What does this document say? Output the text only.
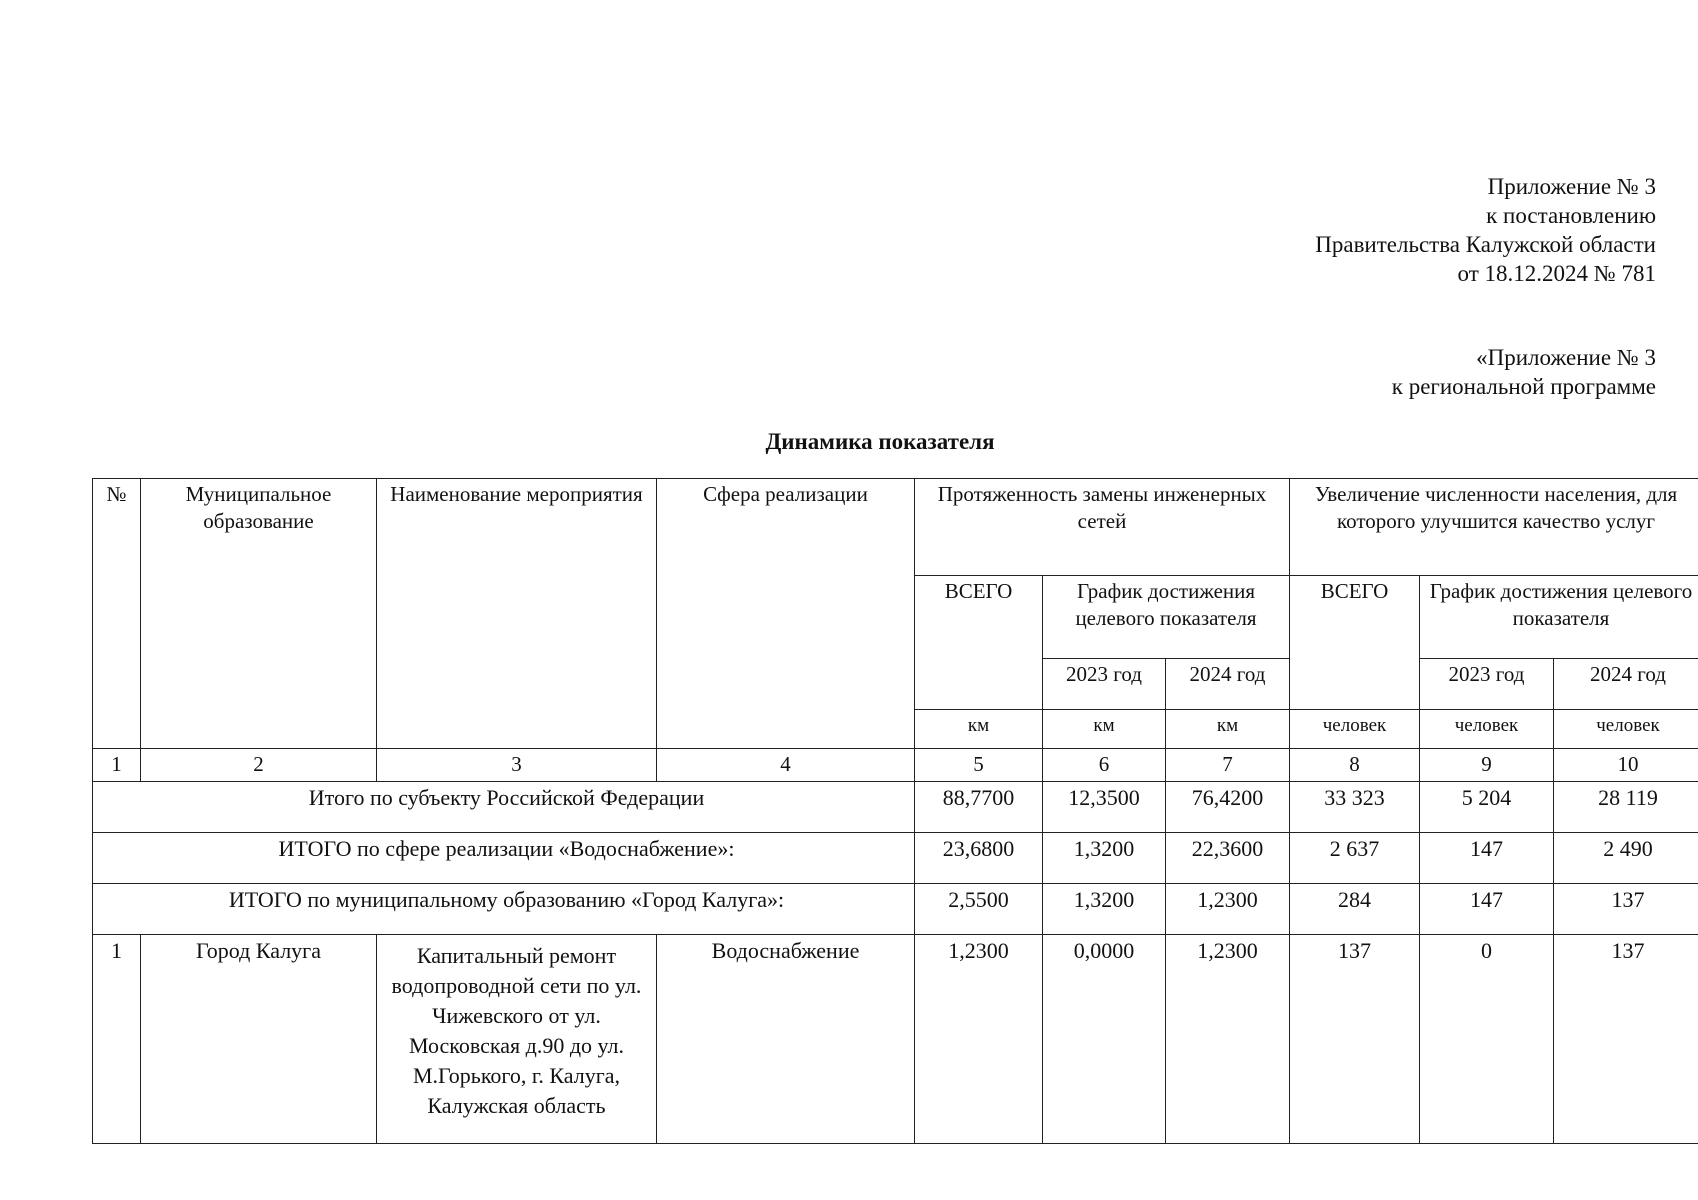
Приложение № 3
к постановлению
Правительства Калужской области
от 18.12.2024 № 781
«Приложение № 3
к региональной программе
Динамика показателя
№	Муниципальное образование	Наименование мероприятия	Сфера реализации	Протяженность замены инженерных сетей			Увеличение численности населения, для которого улучшится качество услуг		
				ВСЕГО	График достижения целевого показателя		ВСЕГО	График достижения целевого показателя	
					2023 год	2024 год		2023 год	2024 год
				км	км	км	человек	человек	человек
1	2	3	4	5	6	7	8	9	10
Итого по субъекту Российской Федерации				88,7700	12,3500	76,4200	33 323	5 204	28 119
ИТОГО по сфере реализации «Водоснабжение»:				23,6800	1,3200	22,3600	2 637	147	2 490
ИТОГО по муниципальному образованию «Город Калуга»:				2,5500	1,3200	1,2300	284	147	137
1	Город Калуга	Капитальный ремонт водопроводной сети по ул. Чижевского от ул. Московская д.90 до ул. М.Горького, г. Калуга, Калужская область	Водоснабжение	1,2300	0,0000	1,2300	137	0	137
